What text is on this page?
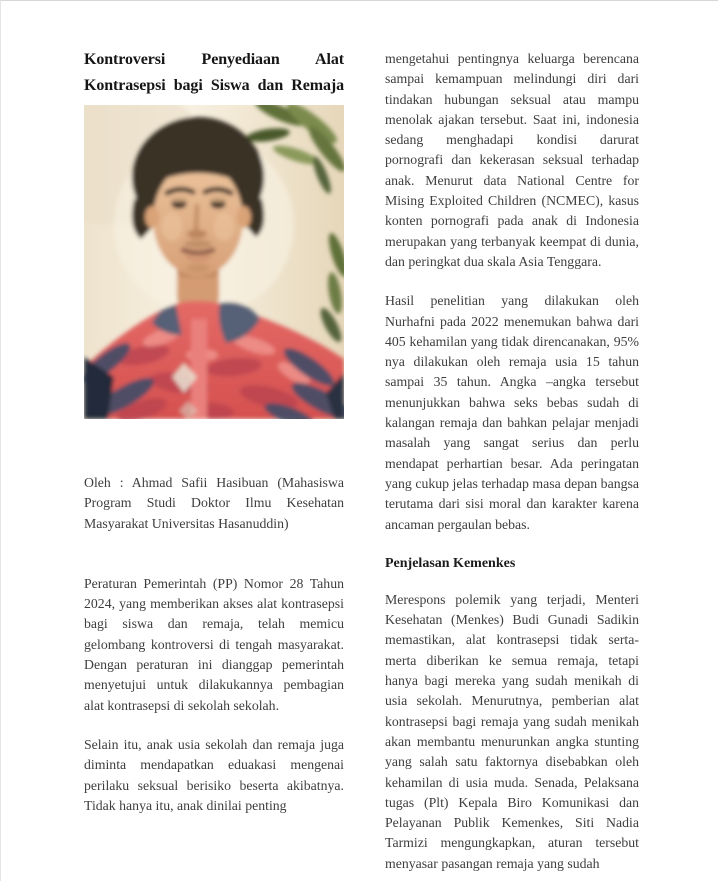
Kontroversi Penyediaan Alat Kontrasepsi bagi Siswa dan Remaja

Oleh : Ahmad Safii Hasibuan (Mahasiswa Program Studi Doktor Ilmu Kesehatan Masyarakat Universitas Hasanuddin)

Peraturan Pemerintah (PP) Nomor 28 Tahun 2024, yang memberikan akses alat kontrasepsi bagi siswa dan remaja, telah memicu gelombang kontroversi di tengah masyarakat. Dengan peraturan ini dianggap pemerintah menyetujui untuk dilakukannya pembagian alat kontrasepsi di sekolah sekolah.

Selain itu, anak usia sekolah dan remaja juga diminta mendapatkan eduakasi mengenai perilaku seksual berisiko beserta akibatnya. Tidak hanya itu, anak dinilai penting

mengetahui pentingnya keluarga berencana sampai kemampuan melindungi diri dari tindakan hubungan seksual atau mampu menolak ajakan tersebut. Saat ini, indonesia sedang menghadapi kondisi darurat pornografi dan kekerasan seksual terhadap anak. Menurut data National Centre for Mising Exploited Children (NCMEC), kasus konten pornografi pada anak di Indonesia merupakan yang terbanyak keempat di dunia, dan peringkat dua skala Asia Tenggara.

Hasil penelitian yang dilakukan oleh Nurhafni pada 2022 menemukan bahwa dari 405 kehamilan yang tidak direncanakan, 95% nya dilakukan oleh remaja usia 15 tahun sampai 35 tahun. Angka –angka tersebut menunjukkan bahwa seks bebas sudah di kalangan remaja dan bahkan pelajar menjadi masalah yang sangat serius dan perlu mendapat perhartian besar. Ada peringatan yang cukup jelas terhadap masa depan bangsa terutama dari sisi moral dan karakter karena ancaman pergaulan bebas.

Penjelasan Kemenkes

Merespons polemik yang terjadi, Menteri Kesehatan (Menkes) Budi Gunadi Sadikin memastikan, alat kontrasepsi tidak serta-merta diberikan ke semua remaja, tetapi hanya bagi mereka yang sudah menikah di usia sekolah. Menurutnya, pemberian alat kontrasepsi bagi remaja yang sudah menikah akan membantu menurunkan angka stunting yang salah satu faktornya disebabkan oleh kehamilan di usia muda. Senada, Pelaksana tugas (Plt) Kepala Biro Komunikasi dan Pelayanan Publik Kemenkes, Siti Nadia Tarmizi mengungkapkan, aturan tersebut menyasar pasangan remaja yang sudah
